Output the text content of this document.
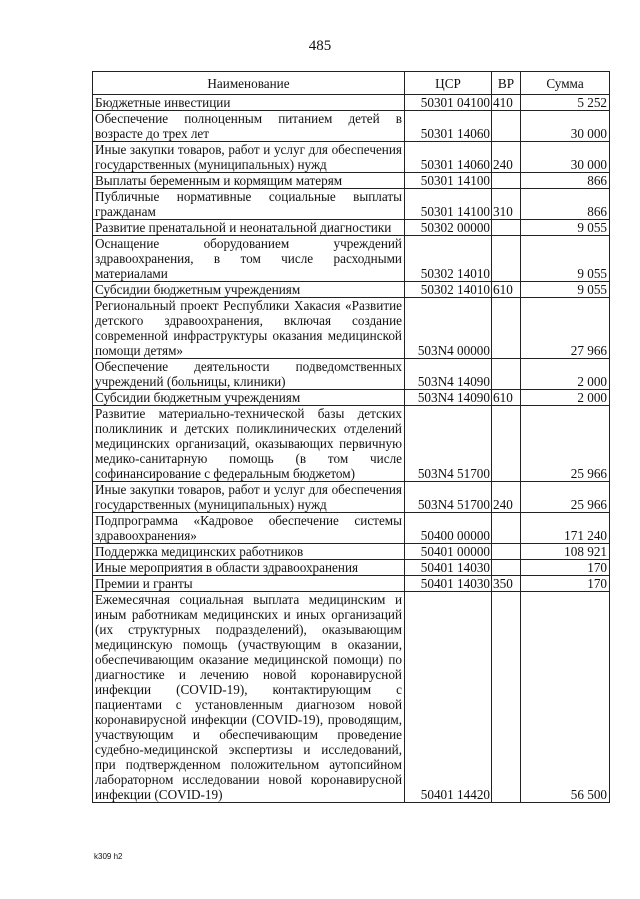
485
Наименование	ЦСР	ВР	Сумма
Бюджетные инвестиции	50301 04100	410	5 252
Обеспечение полноценным питанием детей в возрасте до трех лет	50301 14060		30 000
Иные закупки товаров, работ и услуг для обеспечения государственных (муниципальных) нужд	50301 14060	240	30 000
Выплаты беременным и кормящим матерям	50301 14100		866
Публичные нормативные социальные выплаты гражданам	50301 14100	310	866
Развитие пренатальной и неонатальной диагностики	50302 00000		9 055
Оснащение оборудованием учреждений здравоохранения, в том числе расходными материалами	50302 14010		9 055
Субсидии бюджетным учреждениям	50302 14010	610	9 055
Региональный проект Республики Хакасия «Развитие детского здравоохранения, включая создание современной инфраструктуры оказания медицинской помощи детям»	503N4 00000		27 966
Обеспечение деятельности подведомственных учреждений (больницы, клиники)	503N4 14090		2 000
Субсидии бюджетным учреждениям	503N4 14090	610	2 000
Развитие материально-технической базы детских поликлиник и детских поликлинических отделений медицинских организаций, оказывающих первичную медико-санитарную помощь (в том числе софинансирование с федеральным бюджетом)	503N4 51700		25 966
Иные закупки товаров, работ и услуг для обеспечения государственных (муниципальных) нужд	503N4 51700	240	25 966
Подпрограмма «Кадровое обеспечение системы здравоохранения»	50400 00000		171 240
Поддержка медицинских работников	50401 00000		108 921
Иные мероприятия в области здравоохранения	50401 14030		170
Премии и гранты	50401 14030	350	170
Ежемесячная социальная выплата медицинским и иным работникам медицинских и иных организаций (их структурных подразделений), оказывающим медицинскую помощь (участвующим в оказании, обеспечивающим оказание медицинской помощи) по диагностике и лечению новой коронавирусной инфекции (COVID-19), контактирующим с пациентами с установленным диагнозом новой коронавирусной инфекции (COVID-19), проводящим, участвующим и обеспечивающим проведение судебно-медицинской экспертизы и исследований, при подтвержденном положительном аутопсийном лабораторном исследовании новой коронавирусной инфекции (COVID-19)	50401 14420		56 500
k309 h2
